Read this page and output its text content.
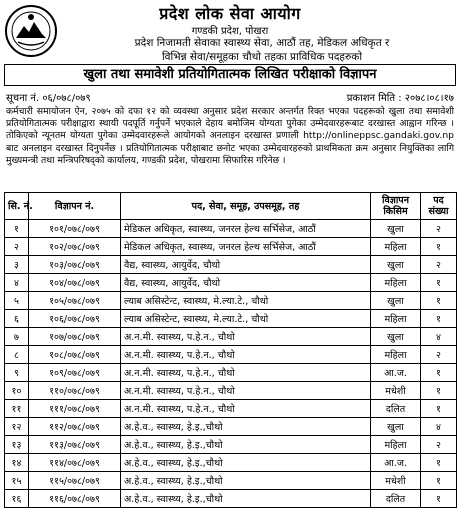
प्रदेश लोक सेवा आयोग
गण्डकी प्रदेश, पोखरा
प्रदेश निजामती सेवाका स्वास्थ्य सेवा, आठौं तह, मेडिकल अधिकृत र
विभिन्न सेवा/समूहका चौथो तहका प्राविधिक पदहरुको
खुला तथा समावेशी प्रतियोगितात्मक लिखित परीक्षाको विज्ञापन
सूचना नं. ०६/०७८/०७९	प्रकाशन मिति : २०७८।०८।१७
कर्मचारी समायोजन ऐन, २०७५ को दफा १२ को व्यवस्था अनुसार प्रदेश सरकार अन्तर्गत रिक्त भएका पदहरूको खुला तथा समावेशी प्रतियोगितात्मक परीक्षाद्वारा स्थायी पदपूर्ति गर्नुपर्ने भएकाले देहाय बमोजिम योग्यता पुगेका उम्मेदवारहरूबाट दरखास्त आह्वान गरिन्छ । तोकिएको न्यूनतम योग्यता पुगेका उम्मेदवारहरूले आयोगको अनलाइन दरखास्त प्रणाली http://onlineppsc.gandaki.gov.np बाट अनलाइन दरखास्त दिनुपर्नेछ । प्रतियोगितात्मक परीक्षाबाट छनोट भएका उम्मेदवारहरुको प्राथमिकता क्रम अनुसार नियुक्तिका लागि मुख्यमन्त्री तथा मन्त्रिपरिषद्को कार्यालय, गण्डकी प्रदेश, पोखरामा सिफारिस गरिनेछ ।
सि. नं.	विज्ञापन नं.	पद, सेवा, समूह, उपसमूह, तह	विज्ञापन किसिम	पद संख्या
१	१०१/०७८/०७९	मेडिकल अधिकृत, स्वास्थ्य, जनरल हेल्थ सर्भिसेज, आठौं	खुला	२
२	१०२/०७८/०७९	मेडिकल अधिकृत, स्वास्थ्य, जनरल हेल्थ सर्भिसेज, आठौं	महिला	१
३	१०३/०७८/०७९	वैद्य, स्वास्थ्य, आयुर्वेद, चौथो	खुला	२
४	१०४/०७८/०७९	वैद्य, स्वास्थ्य, आयुर्वेद, चौथो	महिला	१
५	१०५/०७८/०७९	ल्याब असिस्टेन्ट, स्वास्थ्य, मे.ल्या.टे., चौथो	खुला	१
६	१०६/०७८/०७९	ल्याब असिस्टेन्ट, स्वास्थ्य, मे.ल्या.टे., चौथो	महिला	१
७	१०७/०७८/०७९	अ.न.मी. स्वास्थ्य, प.हे.न., चौथो	खुला	४
८	१०८/०७८/०७९	अ.न.मी. स्वास्थ्य, प.हे.न., चौथो	महिला	२
९	१०९/०७८/०७९	अ.न.मी. स्वास्थ्य, प.हे.न., चौथो	आ.ज.	१
१०	११०/०७८/०७९	अ.न.मी. स्वास्थ्य, प.हे.न., चौथो	मधेशी	१
११	१११/०७८/०७९	अ.न.मी. स्वास्थ्य, प.हे.न., चौथो	दलित	१
१२	११२/०७८/०७९	अ.हे.व., स्वास्थ्य, हे.इ.,चौथो	खुला	४
१३	११३/०७८/०७९	अ.हे.व., स्वास्थ्य, हे.इ.,चौथो	महिला	२
१४	११४/०७८/०७९	अ.हे.व., स्वास्थ्य, हे.इ.,चौथो	आ.ज.	१
१५	११५/०७८/०७९	अ.हे.व., स्वास्थ्य, हे.इ.,चौथो	मधेशी	१
१६	११६/०७८/०७९	अ.हे.व., स्वास्थ्य, हे.इ.,चौथो	दलित	१
